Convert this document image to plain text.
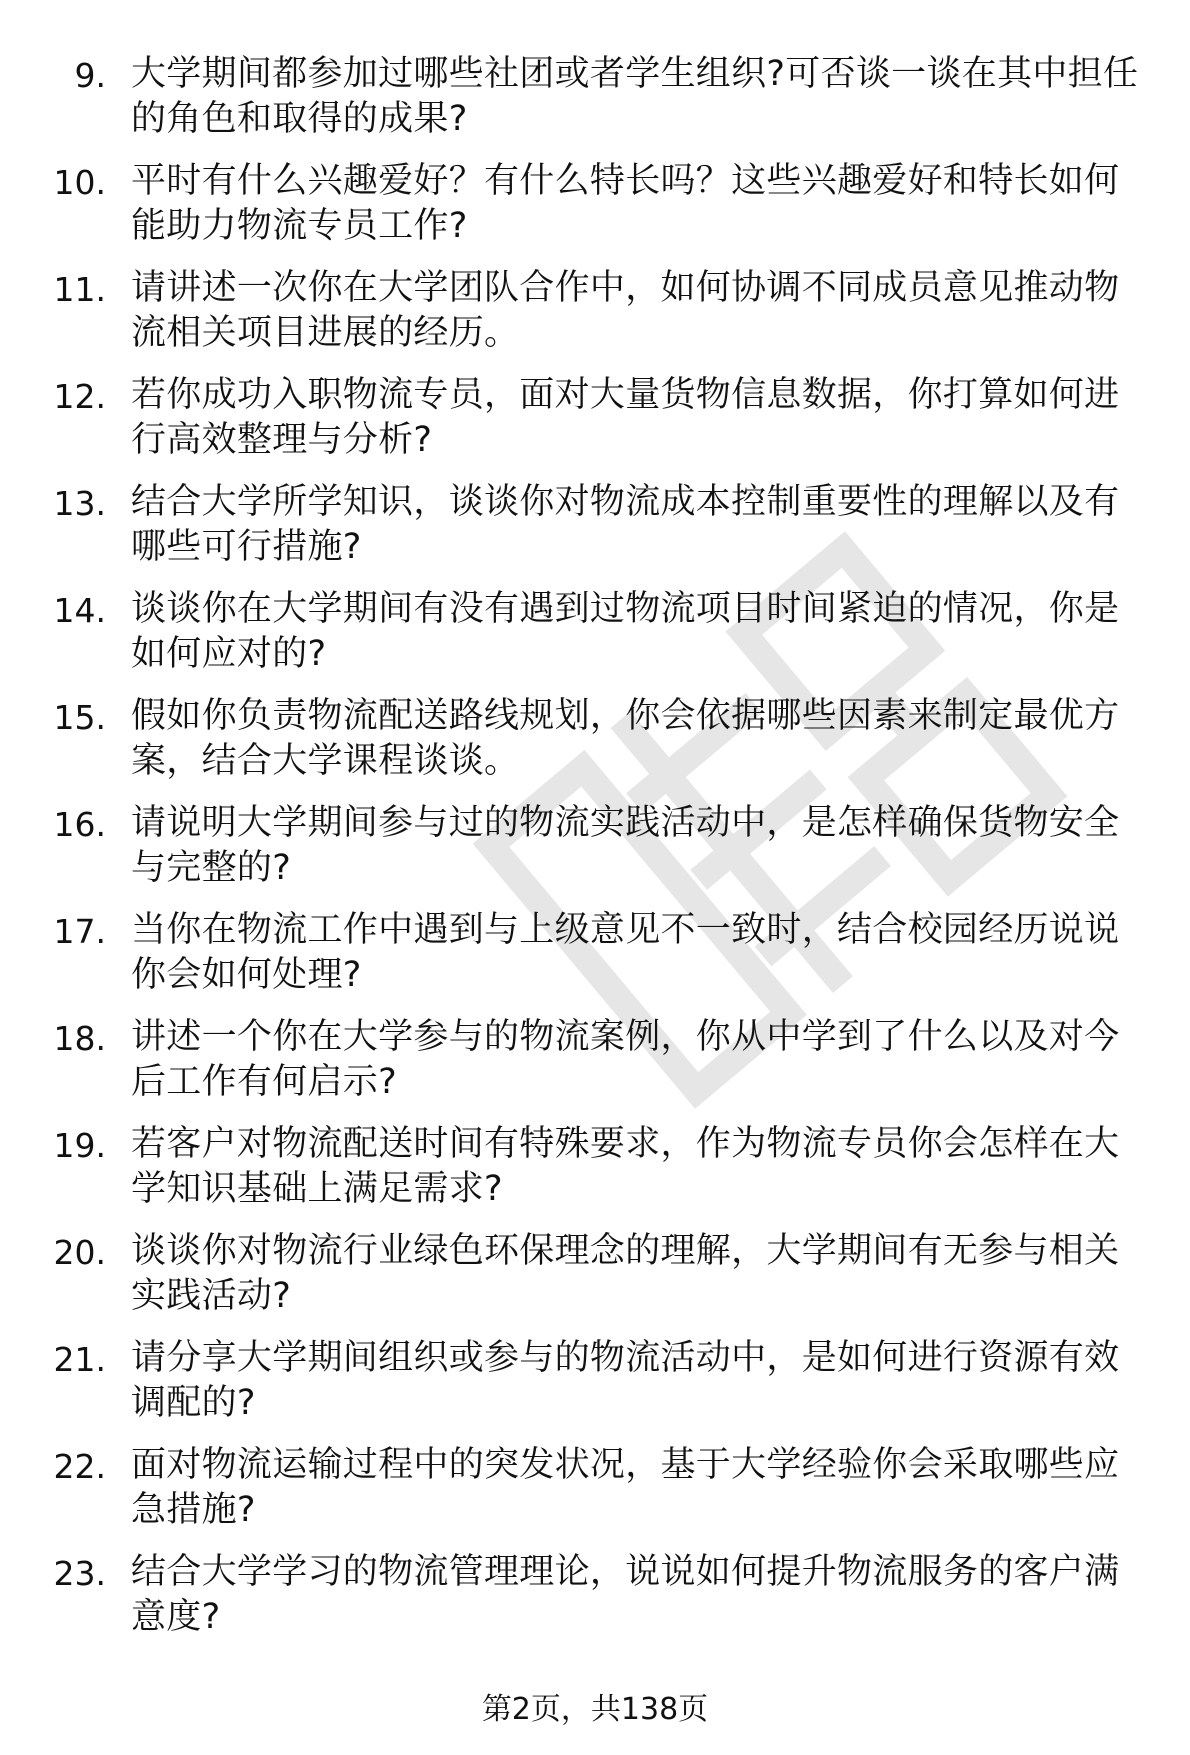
9. 大学期间都参加过哪些社团或者学生组织?可否谈一谈在其中担任的角色和取得的成果?
10. 平时有什么兴趣爱好？有什么特长吗？这些兴趣爱好和特长如何能助力物流专员工作?
11. 请讲述一次你在大学团队合作中，如何协调不同成员意见推动物流相关项目进展的经历。
12. 若你成功入职物流专员，面对大量货物信息数据，你打算如何进行高效整理与分析?
13. 结合大学所学知识，谈谈你对物流成本控制重要性的理解以及有哪些可行措施?
14. 谈谈你在大学期间有没有遇到过物流项目时间紧迫的情况，你是如何应对的?
15. 假如你负责物流配送路线规划，你会依据哪些因素来制定最优方案，结合大学课程谈谈。
16. 请说明大学期间参与过的物流实践活动中，是怎样确保货物安全与完整的?
17. 当你在物流工作中遇到与上级意见不一致时，结合校园经历说说你会如何处理?
18. 讲述一个你在大学参与的物流案例，你从中学到了什么以及对今后工作有何启示?
19. 若客户对物流配送时间有特殊要求，作为物流专员你会怎样在大学知识基础上满足需求?
20. 谈谈你对物流行业绿色环保理念的理解，大学期间有无参与相关实践活动?
21. 请分享大学期间组织或参与的物流活动中，是如何进行资源有效调配的?
22. 面对物流运输过程中的突发状况，基于大学经验你会采取哪些应急措施?
23. 结合大学学习的物流管理理论，说说如何提升物流服务的客户满意度?
第2页，共138页
